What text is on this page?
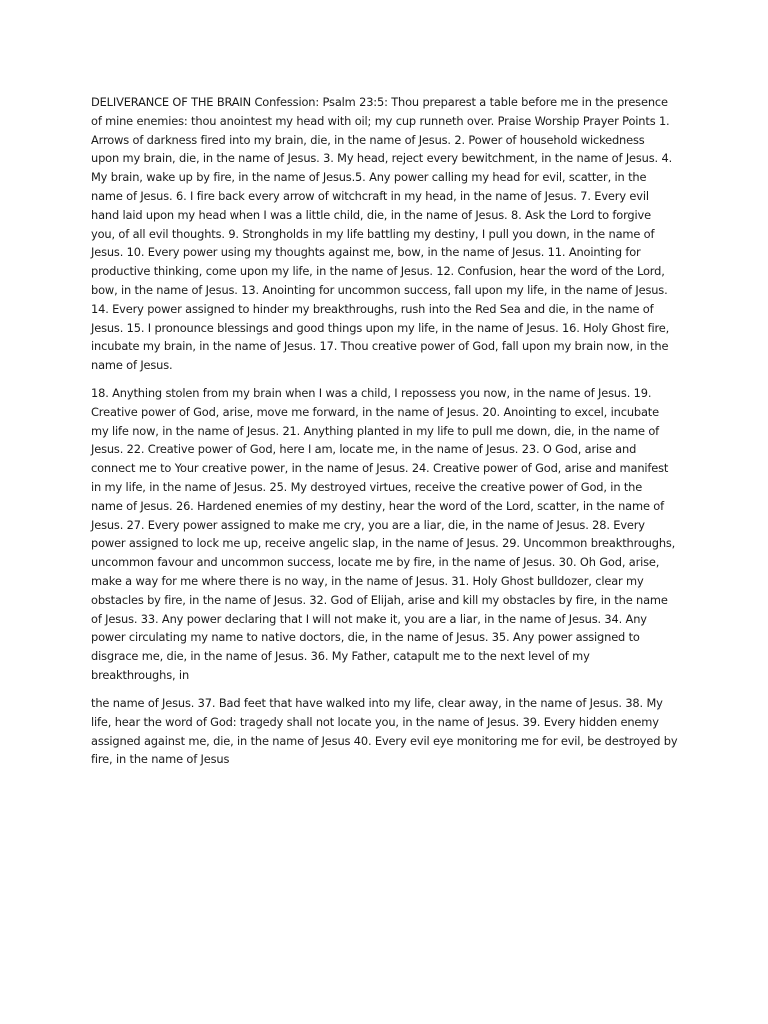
DELIVERANCE OF THE BRAIN Confession: Psalm 23:5: Thou preparest a table before me in the presence
of mine enemies: thou anointest my head with oil; my cup runneth over. Praise Worship Prayer Points 1.
Arrows of darkness fired into my brain, die, in the name of Jesus. 2. Power of household wickedness
upon my brain, die, in the name of Jesus. 3. My head, reject every bewitchment, in the name of Jesus. 4.
My brain, wake up by fire, in the name of Jesus.5. Any power calling my head for evil, scatter, in the
name of Jesus. 6. I fire back every arrow of witchcraft in my head, in the name of Jesus. 7. Every evil
hand laid upon my head when I was a little child, die, in the name of Jesus. 8. Ask the Lord to forgive
you, of all evil thoughts. 9. Strongholds in my life battling my destiny, I pull you down, in the name of
Jesus. 10. Every power using my thoughts against me, bow, in the name of Jesus. 11. Anointing for
productive thinking, come upon my life, in the name of Jesus. 12. Confusion, hear the word of the Lord,
bow, in the name of Jesus. 13. Anointing for uncommon success, fall upon my life, in the name of Jesus.
14. Every power assigned to hinder my breakthroughs, rush into the Red Sea and die, in the name of
Jesus. 15. I pronounce blessings and good things upon my life, in the name of Jesus. 16. Holy Ghost fire,
incubate my brain, in the name of Jesus. 17. Thou creative power of God, fall upon my brain now, in the
name of Jesus.
18. Anything stolen from my brain when I was a child, I repossess you now, in the name of Jesus. 19.
Creative power of God, arise, move me forward, in the name of Jesus. 20. Anointing to excel, incubate
my life now, in the name of Jesus. 21. Anything planted in my life to pull me down, die, in the name of
Jesus. 22. Creative power of God, here I am, locate me, in the name of Jesus. 23. O God, arise and
connect me to Your creative power, in the name of Jesus. 24. Creative power of God, arise and manifest
in my life, in the name of Jesus. 25. My destroyed virtues, receive the creative power of God, in the
name of Jesus. 26. Hardened enemies of my destiny, hear the word of the Lord, scatter, in the name of
Jesus. 27. Every power assigned to make me cry, you are a liar, die, in the name of Jesus. 28. Every
power assigned to lock me up, receive angelic slap, in the name of Jesus. 29. Uncommon breakthroughs,
uncommon favour and uncommon success, locate me by fire, in the name of Jesus. 30. Oh God, arise,
make a way for me where there is no way, in the name of Jesus. 31. Holy Ghost bulldozer, clear my
obstacles by fire, in the name of Jesus. 32. God of Elijah, arise and kill my obstacles by fire, in the name
of Jesus. 33. Any power declaring that I will not make it, you are a liar, in the name of Jesus. 34. Any
power circulating my name to native doctors, die, in the name of Jesus. 35. Any power assigned to
disgrace me, die, in the name of Jesus. 36. My Father, catapult me to the next level of my
breakthroughs, in
the name of Jesus. 37. Bad feet that have walked into my life, clear away, in the name of Jesus. 38. My
life, hear the word of God: tragedy shall not locate you, in the name of Jesus. 39. Every hidden enemy
assigned against me, die, in the name of Jesus 40. Every evil eye monitoring me for evil, be destroyed by
fire, in the name of Jesus
